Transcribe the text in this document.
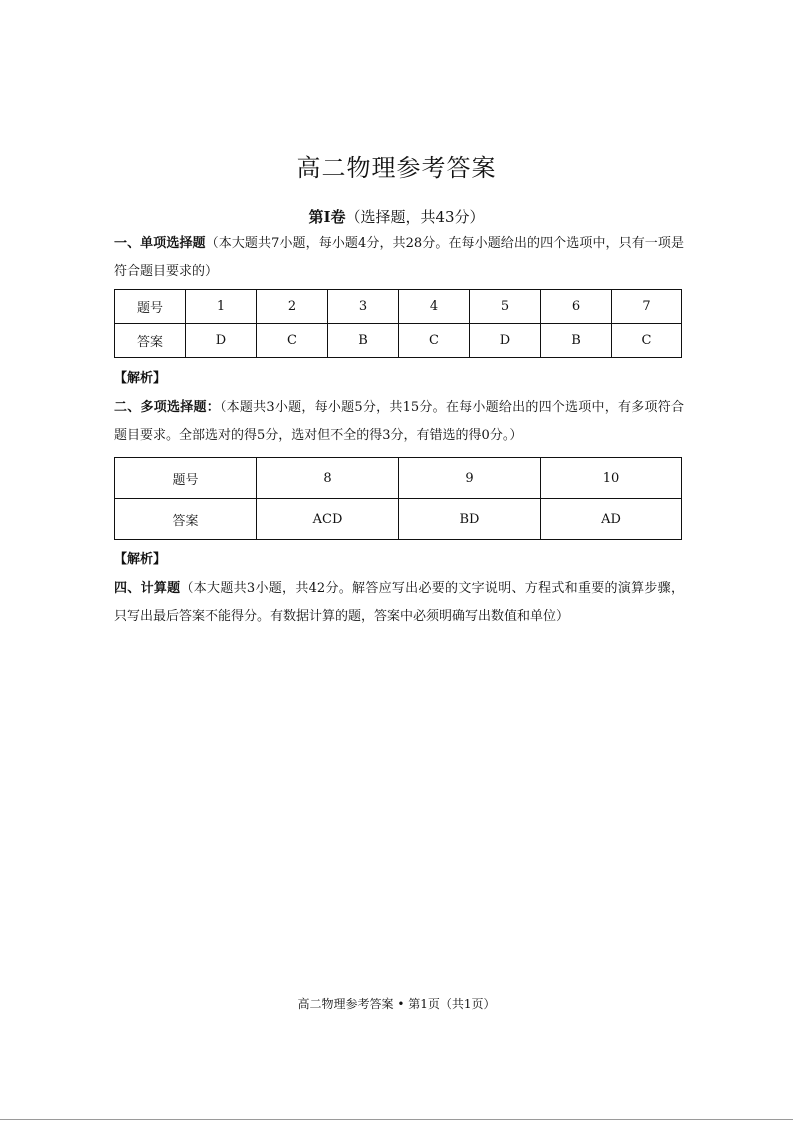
高二物理参考答案
第Ⅰ卷（选择题，共43分）
一、单项选择题（本大题共7小题，每小题4分，共28分。在每小题给出的四个选项中，只有一项是符合题目要求的）
题号	1	2	3	4	5	6	7
答案	D	C	B	C	D	B	C
【解析】
二、多项选择题：（本题共3小题，每小题5分，共15分。在每小题给出的四个选项中，有多项符合题目要求。全部选对的得5分，选对但不全的得3分，有错选的得0分。）
题号	8	9	10
答案	ACD	BD	AD
【解析】
四、计算题（本大题共3小题，共42分。解答应写出必要的文字说明、方程式和重要的演算步骤，只写出最后答案不能得分。有数据计算的题，答案中必须明确写出数值和单位）
高二物理参考答案 • 第1页（共1页）
